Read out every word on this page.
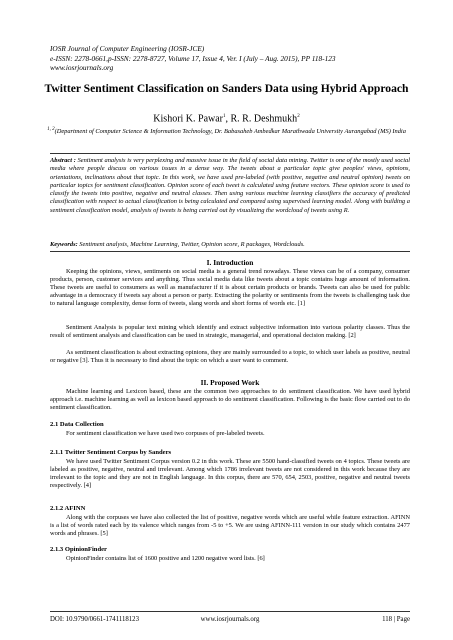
IOSR Journal of Computer Engineering (IOSR-JCE)
e-ISSN: 2278-0661,p-ISSN: 2278-8727, Volume 17, Issue 4, Ver. I (July – Aug. 2015), PP 118-123
www.iosrjournals.org
Twitter Sentiment Classification on Sanders Data using Hybrid Approach
Kishori K. Pawar$^1$, R. R. Deshmukh$^2$
$^{1, 2}$(Department of Computer Science & Information Technology, Dr. Babasaheb Ambedkar Marathwada University Aurangabad (MS) India
Abstract : Sentiment analysis is very perplexing and massive issue in the field of social data mining. Twitter is one of the mostly used social media where people discuss on various issues in a dense way. The tweets about a particular topic give peoples' views, opinions, orientations, inclinations about that topic. In this work, we have used pre-labeled (with positive, negative and neutral opinion) tweets on particular topics for sentiment classification. Opinion score of each tweet is calculated using feature vectors. These opinion score is used to classify the tweets into positive, negative and neutral classes. Then using various machine learning classifiers the accuracy of predicted classification with respect to actual classification is being calculated and compared using supervised learning model. Along with building a sentiment classification model, analysis of tweets is being carried out by visualizing the wordcloud of tweets using R.
Keywords: Sentiment analysis, Machine Learning, Twitter, Opinion score, R packages, Wordclouds.
I. Introduction
Keeping the opinions, views, sentiments on social media is a general trend nowadays. These views can be of a company, consumer products, person, customer services and anything. Thus social media data like tweets about a topic contains huge amount of information. These tweets are useful to consumers as well as manufacturer if it is about certain products or brands. Tweets can also be used for public advantage in a democracy if tweets say about a person or party. Extracting the polarity or sentiments from the tweets is challenging task due to natural language complexity, dense form of tweets, slang words and short forms of words etc. [1]
Sentiment Analysis is popular text mining which identify and extract subjective information into various polarity classes. Thus the result of sentiment analysis and classification can be used in strategic, managerial, and operational decision making. [2]
As sentiment classification is about extracting opinions, they are mainly surrounded to a topic, to which user labels as positive, neutral or negative [3]. Thus it is necessary to find about the topic on which a user want to comment.
II. Proposed Work
Machine learning and Lexicon based, these are the common two approaches to do sentiment classification. We have used hybrid approach i.e. machine learning as well as lexicon based approach to do sentiment classification. Following is the basic flow carried out to do sentiment classification.
2.1 Data Collection
For sentiment classification we have used two corpuses of pre-labeled tweets.
2.1.1 Twitter Sentiment Corpus by Sanders
We have used Twitter Sentiment Corpus version 0.2 in this work. These are 5500 hand-classified tweets on 4 topics. These tweets are labeled as positive, negative, neutral and irrelevant. Among which 1786 irrelevant tweets are not considered in this work because they are irrelevant to the topic and they are not in English language. In this corpus, there are 570, 654, 2503, positive, negative and neutral tweets respectively. [4]
2.1.2 AFINN
Along with the corpuses we have also collected the list of positive, negative words which are useful while feature extraction. AFINN is a list of words rated each by its valence which ranges from -5 to +5. We are using AFINN-111 version in our study which contains 2477 words and phrases. [5]
2.1.3 OpinionFinder
OpinionFinder contains list of 1600 positive and 1200 negative word lists. [6]
DOI: 10.9790/0661-1741118123	www.iosrjournals.org	118 | Page
